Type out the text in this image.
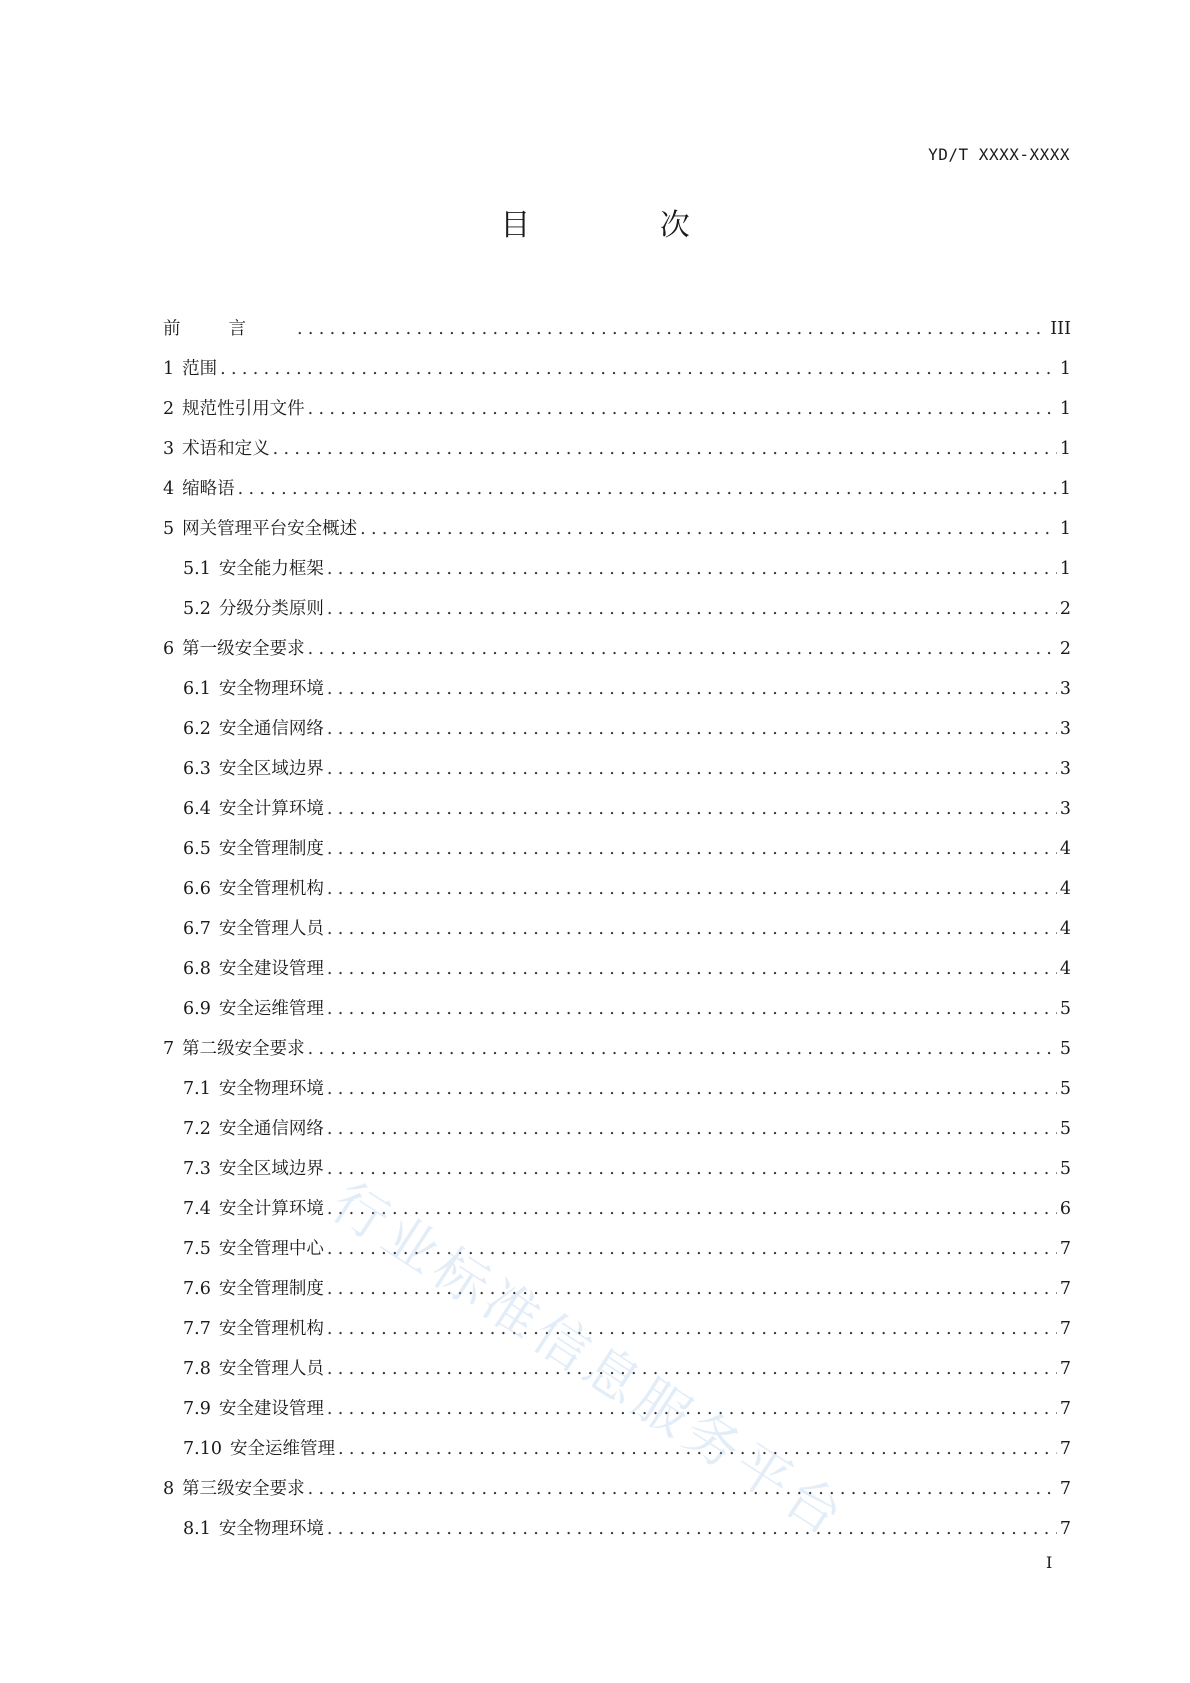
YD/T XXXX-XXXX
目 次
前言 .....	III
1 范围 .....	1
2 规范性引用文件 .....	1
3 术语和定义 .....	1
4 缩略语 .....	1
5 网关管理平台安全概述 .....	1
5.1 安全能力框架 .....	1
5.2 分级分类原则 .....	2
6 第一级安全要求 .....	2
6.1 安全物理环境 .....	3
6.2 安全通信网络 .....	3
6.3 安全区域边界 .....	3
6.4 安全计算环境 .....	3
6.5 安全管理制度 .....	4
6.6 安全管理机构 .....	4
6.7 安全管理人员 .....	4
6.8 安全建设管理 .....	4
6.9 安全运维管理 .....	5
7 第二级安全要求 .....	5
7.1 安全物理环境 .....	5
7.2 安全通信网络 .....	5
7.3 安全区域边界 .....	5
7.4 安全计算环境 .....	6
7.5 安全管理中心 .....	7
7.6 安全管理制度 .....	7
7.7 安全管理机构 .....	7
7.8 安全管理人员 .....	7
7.9 安全建设管理 .....	7
7.10 安全运维管理 .....	7
8 第三级安全要求 .....	7
8.1 安全物理环境 .....	7
I
行业标准信息服务平台
